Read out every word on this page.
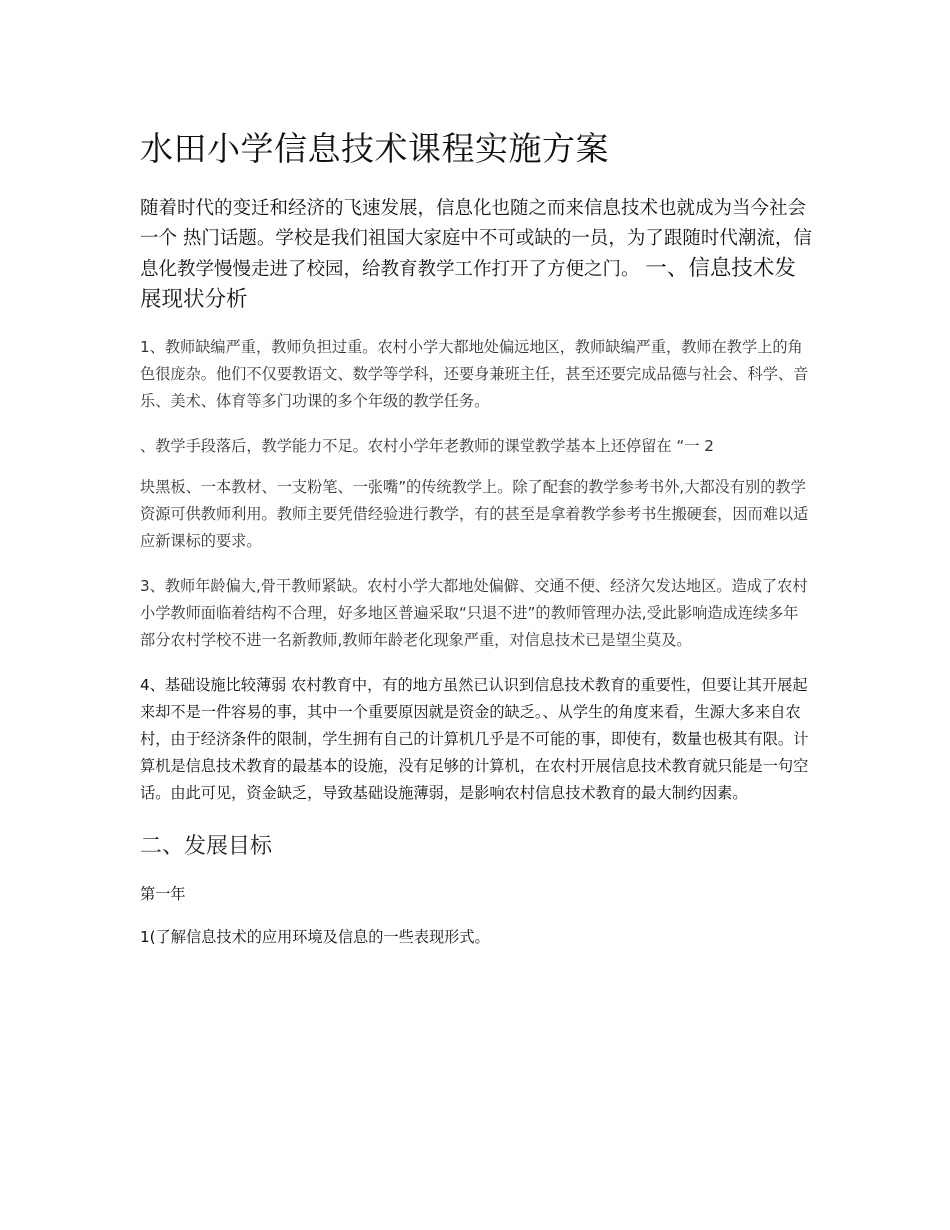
水田小学信息技术课程实施方案

随着时代的变迁和经济的飞速发展，信息化也随之而来信息技术也就成为当今社会一个 热门话题。学校是我们祖国大家庭中不可或缺的一员，为了跟随时代潮流，信息化教学慢慢走进了校园，给教育教学工作打开了方便之门。 一、信息技术发展现状分析

1、教师缺编严重，教师负担过重。农村小学大都地处偏远地区，教师缺编严重，教师在教学上的角色很庞杂。他们不仅要教语文、数学等学科，还要身兼班主任，甚至还要完成品德与社会、科学、音乐、美术、体育等多门功课的多个年级的教学任务。

、教学手段落后，教学能力不足。农村小学年老教师的课堂教学基本上还停留在 “一 2

块黑板、一本教材、一支粉笔、一张嘴”的传统教学上。除了配套的教学参考书外,大都没有别的教学资源可供教师利用。教师主要凭借经验进行教学，有的甚至是拿着教学参考书生搬硬套，因而难以适应新课标的要求。

3、教师年龄偏大,骨干教师紧缺。农村小学大都地处偏僻、交通不便、经济欠发达地区。造成了农村小学教师面临着结构不合理，好多地区普遍采取“只退不进”的教师管理办法,受此影响造成连续多年部分农村学校不进一名新教师,教师年龄老化现象严重，对信息技术已是望尘莫及。

4、基础设施比较薄弱 农村教育中，有的地方虽然已认识到信息技术教育的重要性，但要让其开展起来却不是一件容易的事，其中一个重要原因就是资金的缺乏。、从学生的角度来看，生源大多来自农村，由于经济条件的限制，学生拥有自己的计算机几乎是不可能的事，即使有，数量也极其有限。计算机是信息技术教育的最基本的设施，没有足够的计算机，在农村开展信息技术教育就只能是一句空话。由此可见，资金缺乏，导致基础设施薄弱，是影响农村信息技术教育的最大制约因素。

二、发展目标

第一年

1(了解信息技术的应用环境及信息的一些表现形式。
